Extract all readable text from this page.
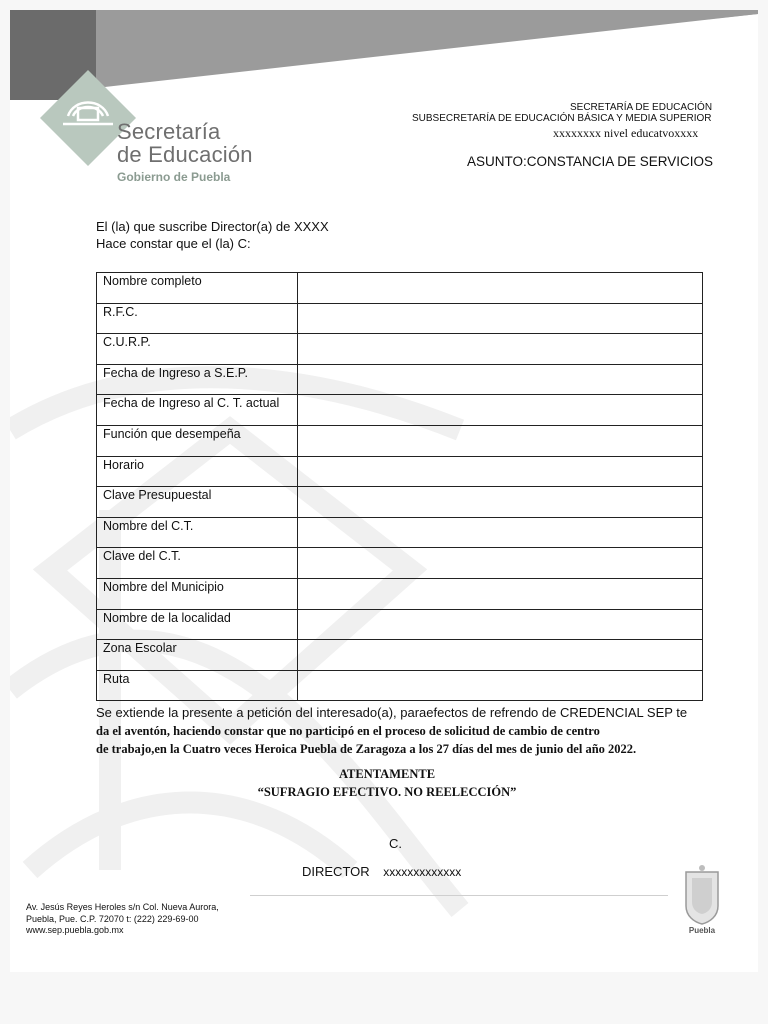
Secretaría
de Educación
Gobierno de Puebla
SECRETARÍA DE EDUCACIÓN
SUBSECRETARÍA DE EDUCACIÓN BÁSICA Y MEDIA SUPERIOR
xxxxxxxx nivel educatvoxxxx
ASUNTO:CONSTANCIA DE SERVICIOS
El (la) que suscribe Director(a) de XXXX
Hace constar que el (la) C:
Nombre completo	
R.F.C.	
C.U.R.P.	
Fecha de Ingreso a S.E.P.	
Fecha de Ingreso al C. T. actual	
Función que desempeña	
Horario	
Clave Presupuestal	
Nombre del C.T.	
Clave del C.T.	
Nombre del Municipio	
Nombre de la localidad	
Zona Escolar	
Ruta	
Se extiende la presente a petición del interesado(a), paraefectos de refrendo de CREDENCIAL SEP te
da el aventón, haciendo constar que no participó en el proceso de solicitud de cambio de centro
de trabajo,en la Cuatro veces Heroica Puebla de Zaragoza a los 27 días del mes de junio del año 2022.
ATENTAMENTE
“SUFRAGIO EFECTIVO. NO REELECCIÓN”
C.
DIRECTOR xxxxxxxxxxxxx
Av. Jesús Reyes Heroles s/n Col. Nueva Aurora,
Puebla, Pue. C.P. 72070 t: (222) 229-69-00
www.sep.puebla.gob.mx	Puebla
